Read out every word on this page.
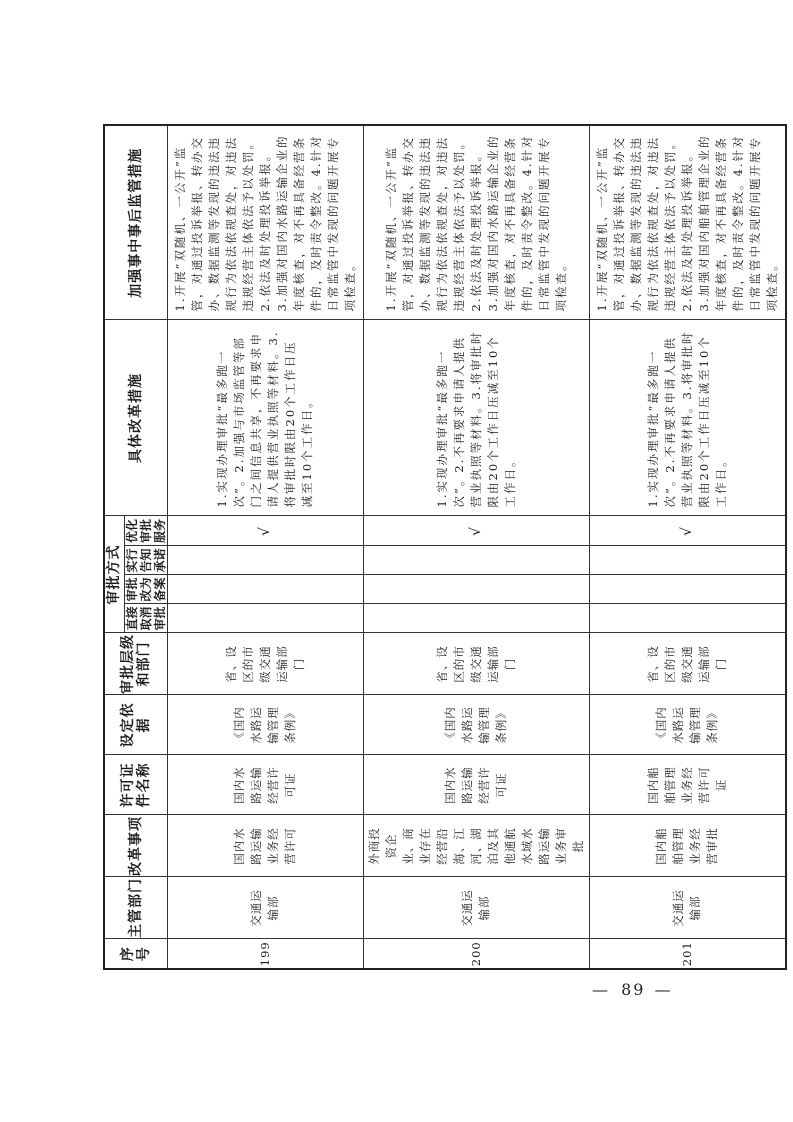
序号	主管部门	改革事项	许可证件名称	设定依据	审批层级和部门	审批方式				具体改革措施	加强事中事后监管措施
						直接取消审批	审批改为备案	实行告知承诺	优化审批服务		
199	交通运输部	国内水路运输业务经营许可	国内水路运输经营许可证	《国内水路运输管理条例》	省、设区的市级交通运输部门				√	1.实现办理审批“最多跑一次”。2.加强与市场监管等部门之间信息共享，不再要求申请人提供营业执照等材料。3.将审批时限由20个工作日压减至10个工作日。	1.开展“双随机、一公开”监管，对通过投诉举报、转办交办、数据监测等发现的违法违规行为依法依规查处，对违法违规经营主体依法予以处罚。2.依法及时处理投诉举报。3.加强对国内水路运输企业的年度核查，对不再具备经营条件的，及时责令整改。4.针对日常监管中发现的问题开展专项检查。
200	交通运输部	外商投资企业、商业存在经营沿海、江河、湖泊及其他通航水域水路运输业务审批	国内水路运输经营许可证	《国内水路运输管理条例》	省、设区的市级交通运输部门				√	1.实现办理审批“最多跑一次”。2.不再要求申请人提供营业执照等材料。3.将审批时限由20个工作日压减至10个工作日。	1.开展“双随机、一公开”监管，对通过投诉举报、转办交办、数据监测等发现的违法违规行为依法依规查处，对违法违规经营主体依法予以处罚。2.依法及时处理投诉举报。3.加强对国内水路运输企业的年度核查，对不再具备经营条件的，及时责令整改。4.针对日常监管中发现的问题开展专项检查。
201	交通运输部	国内船舶管理业务经营审批	国内船舶管理业务经营许可证	《国内水路运输管理条例》	省、设区的市级交通运输部门				√	1.实现办理审批“最多跑一次”。2.不再要求申请人提供营业执照等材料。3.将审批时限由20个工作日压减至10个工作日。	1.开展“双随机、一公开”监管，对通过投诉举报、转办交办、数据监测等发现的违法违规行为依法依规查处，对违法违规经营主体依法予以处罚。2.依法及时处理投诉举报。3.加强对国内船舶管理企业的年度核查，对不再具备经营条件的，及时责令整改。4.针对日常监管中发现的问题开展专项检查。
— 89 —
